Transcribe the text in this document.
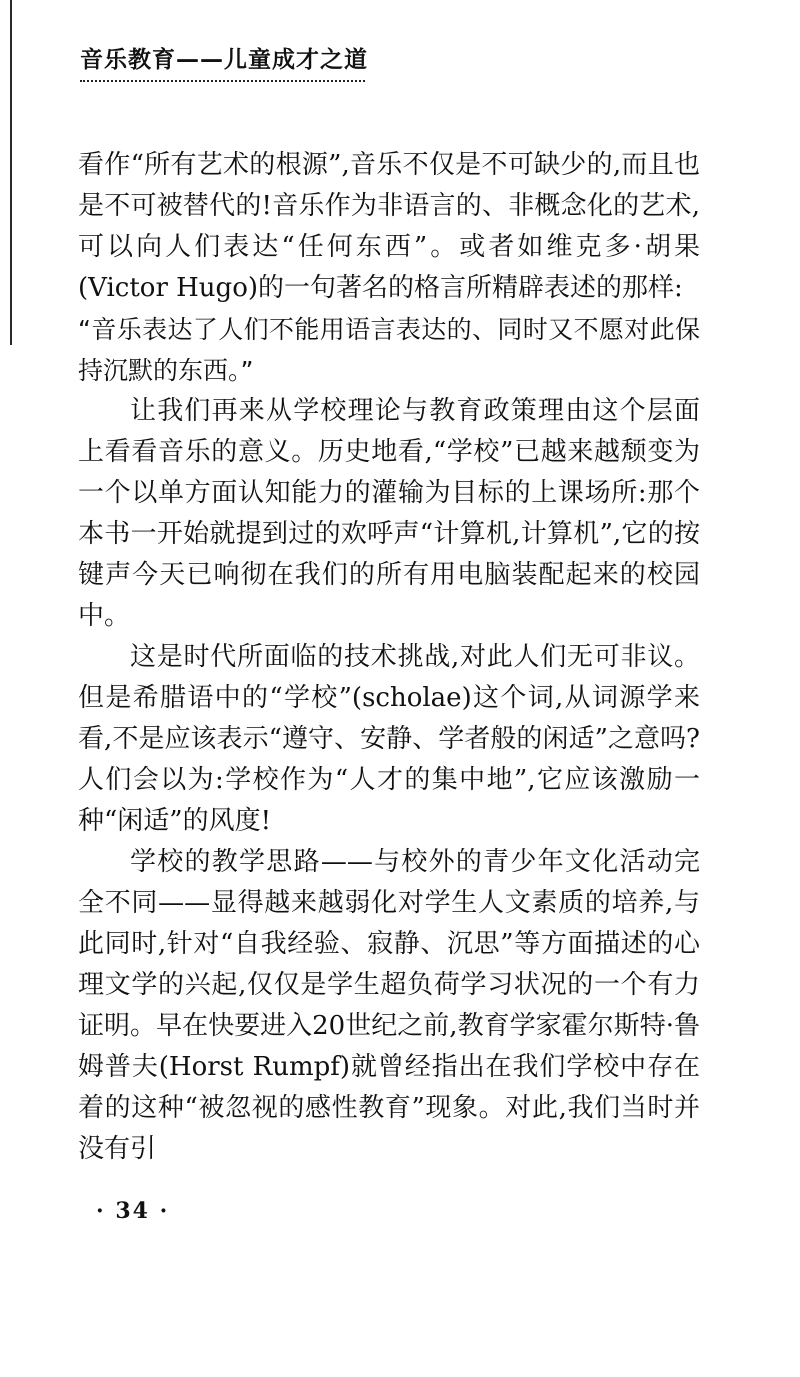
音乐教育——儿童成才之道

看作“所有艺术的根源”,音乐不仅是不可缺少的,而且也是不可被替代的!音乐作为非语言的、非概念化的艺术,可以向人们表达“任何东西”。或者如维克多·胡果(Victor Hugo)的一句著名的格言所精辟表述的那样:

“音乐表达了人们不能用语言表达的、同时又不愿对此保持沉默的东西。”

让我们再来从学校理论与教育政策理由这个层面上看看音乐的意义。历史地看,“学校”已越来越颓变为一个以单方面认知能力的灌输为目标的上课场所:那个本书一开始就提到过的欢呼声“计算机,计算机”,它的按键声今天已响彻在我们的所有用电脑装配起来的校园中。

这是时代所面临的技术挑战,对此人们无可非议。但是希腊语中的“学校”(scholae)这个词,从词源学来看,不是应该表示“遵守、安静、学者般的闲适”之意吗?人们会以为:学校作为“人才的集中地”,它应该激励一种“闲适”的风度!

学校的教学思路——与校外的青少年文化活动完全不同——显得越来越弱化对学生人文素质的培养,与此同时,针对“自我经验、寂静、沉思”等方面描述的心理文学的兴起,仅仅是学生超负荷学习状况的一个有力证明。早在快要进入20世纪之前,教育学家霍尔斯特·鲁姆普夫(Horst Rumpf)就曾经指出在我们学校中存在着的这种“被忽视的感性教育”现象。对此,我们当时并没有引

· 34 ·
